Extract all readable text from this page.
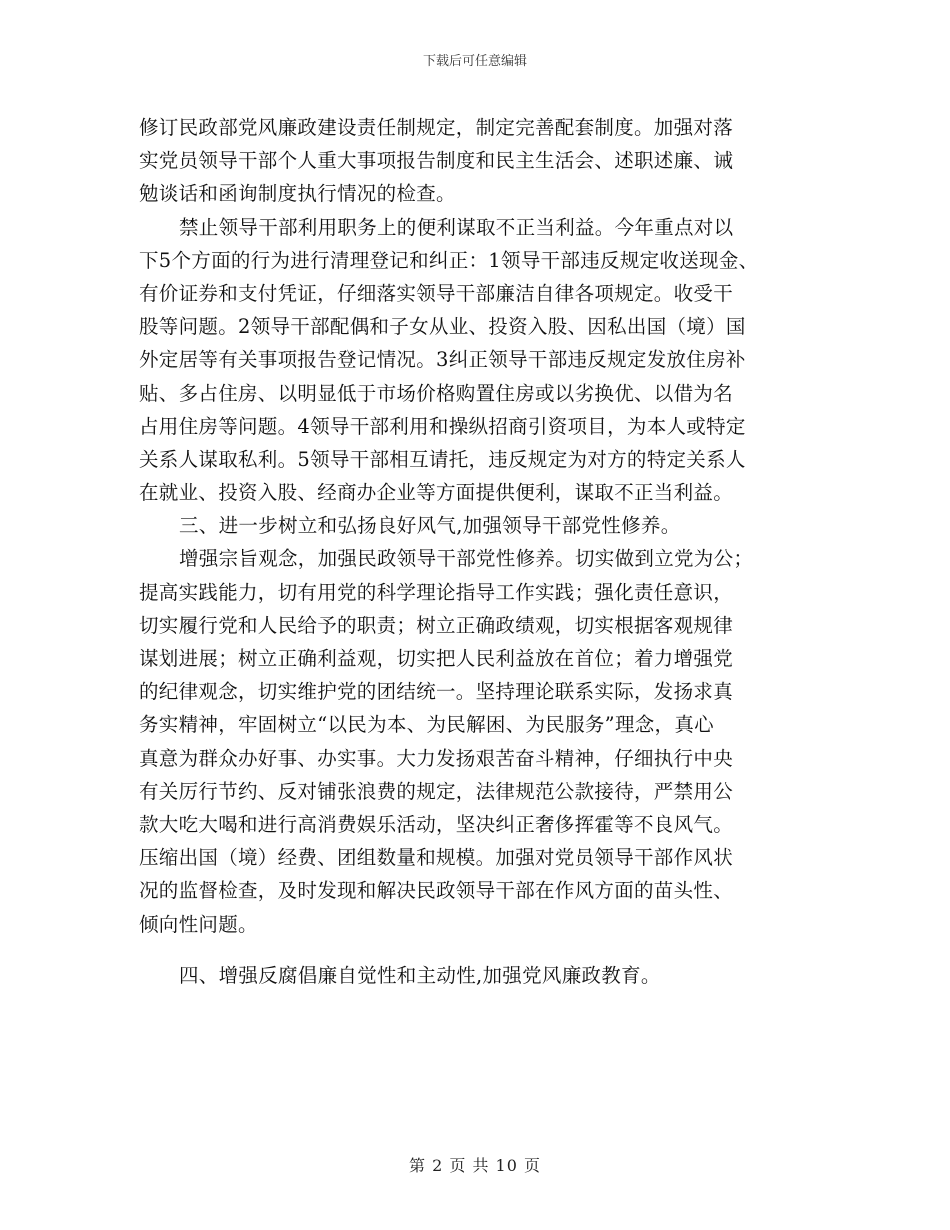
下载后可任意编辑
修订民政部党风廉政建设责任制规定，制定完善配套制度。加强对落
实党员领导干部个人重大事项报告制度和民主生活会、述职述廉、诫
勉谈话和函询制度执行情况的检查。
禁止领导干部利用职务上的便利谋取不正当利益。今年重点对以
下5个方面的行为进行清理登记和纠正：1领导干部违反规定收送现金、
有价证券和支付凭证，仔细落实领导干部廉洁自律各项规定。收受干
股等问题。2领导干部配偶和子女从业、投资入股、因私出国（境）国
外定居等有关事项报告登记情况。3纠正领导干部违反规定发放住房补
贴、多占住房、以明显低于市场价格购置住房或以劣换优、以借为名
占用住房等问题。4领导干部利用和操纵招商引资项目，为本人或特定
关系人谋取私利。5领导干部相互请托，违反规定为对方的特定关系人
在就业、投资入股、经商办企业等方面提供便利，谋取不正当利益。
三、进一步树立和弘扬良好风气,加强领导干部党性修养。
增强宗旨观念，加强民政领导干部党性修养。切实做到立党为公；
提高实践能力，切有用党的科学理论指导工作实践；强化责任意识，
切实履行党和人民给予的职责；树立正确政绩观，切实根据客观规律
谋划进展；树立正确利益观，切实把人民利益放在首位；着力增强党
的纪律观念，切实维护党的团结统一。坚持理论联系实际，发扬求真
务实精神，牢固树立“以民为本、为民解困、为民服务”理念，真心
真意为群众办好事、办实事。大力发扬艰苦奋斗精神，仔细执行中央
有关厉行节约、反对铺张浪费的规定，法律规范公款接待，严禁用公
款大吃大喝和进行高消费娱乐活动，坚决纠正奢侈挥霍等不良风气。
压缩出国（境）经费、团组数量和规模。加强对党员领导干部作风状
况的监督检查，及时发现和解决民政领导干部在作风方面的苗头性、
倾向性问题。
四、增强反腐倡廉自觉性和主动性,加强党风廉政教育。
第 2 页 共 10 页
